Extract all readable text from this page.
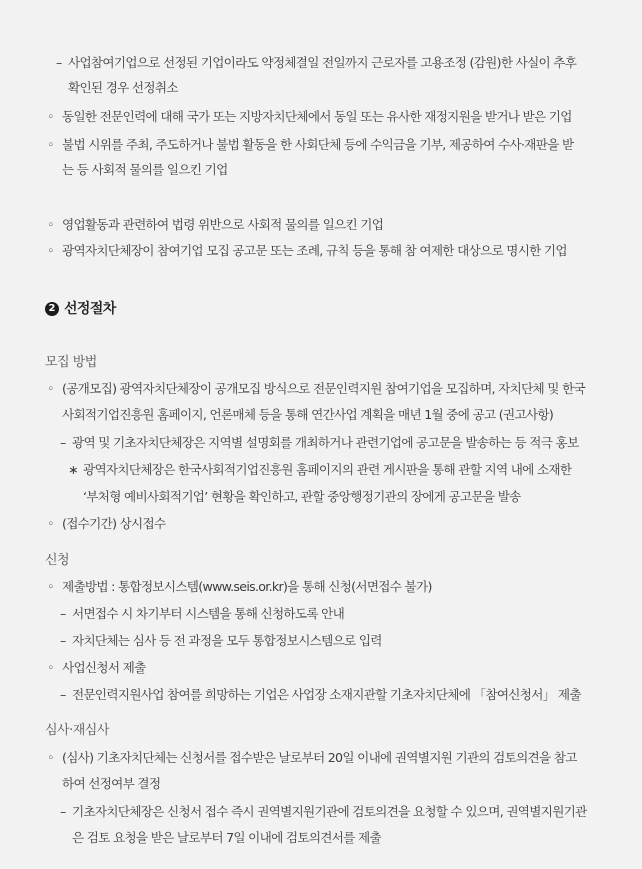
– 사업참여기업으로 선정된 기업이라도 약정체결일 전일까지 근로자를 고용조정 (감원)한 사실이 추후
확인된 경우 선정취소
◦ 동일한 전문인력에 대해 국가 또는 지방자치단체에서 동일 또는 유사한 재정지원을 받거나 받은 기업
◦ 불법 시위를 주최, 주도하거나 불법 활동을 한 사회단체 등에 수익금을 기부, 제공하여 수사·재판을 받
는 등 사회적 물의를 일으킨 기업
◦ 영업활동과 관련하여 법령 위반으로 사회적 물의를 일으킨 기업
◦ 광역자치단체장이 참여기업 모집 공고문 또는 조례, 규칙 등을 통해 참 여제한 대상으로 명시한 기업
2 선정절차
모집 방법
◦ (공개모집) 광역자치단체장이 공개모집 방식으로 전문인력지원 참여기업을 모집하며, 자치단체 및 한국
사회적기업진흥원 홈페이지, 언론매체 등을 통해 연간사업 계획을 매년 1월 중에 공고 (권고사항)
– 광역 및 기초자치단체장은 지역별 설명회를 개최하거나 관련기업에 공고문을 발송하는 등 적극 홍보
∗ 광역자치단체장은 한국사회적기업진흥원 홈페이지의 관련 게시판을 통해 관할 지역 내에 소재한
‘부처형 예비사회적기업’ 현황을 확인하고, 관할 중앙행정기관의 장에게 공고문을 발송
◦ (접수기간) 상시접수
신청
◦ 제출방법 : 통합정보시스템(www.seis.or.kr)을 통해 신청(서면접수 불가)
– 서면접수 시 차기부터 시스템을 통해 신청하도록 안내
– 자치단체는 심사 등 전 과정을 모두 통합정보시스템으로 입력
◦ 사업신청서 제출
– 전문인력지원사업 참여를 희망하는 기업은 사업장 소재지관할 기초자치단체에 「참여신청서」 제출
심사·재심사
◦ (심사) 기초자치단체는 신청서를 접수받은 날로부터 20일 이내에 권역별지원 기관의 검토의견을 참고
하여 선정여부 결정
– 기초자치단체장은 신청서 접수 즉시 권역별지원기관에 검토의견을 요청할 수 있으며, 권역별지원기관
은 검토 요청을 받은 날로부터 7일 이내에 검토의견서를 제출
